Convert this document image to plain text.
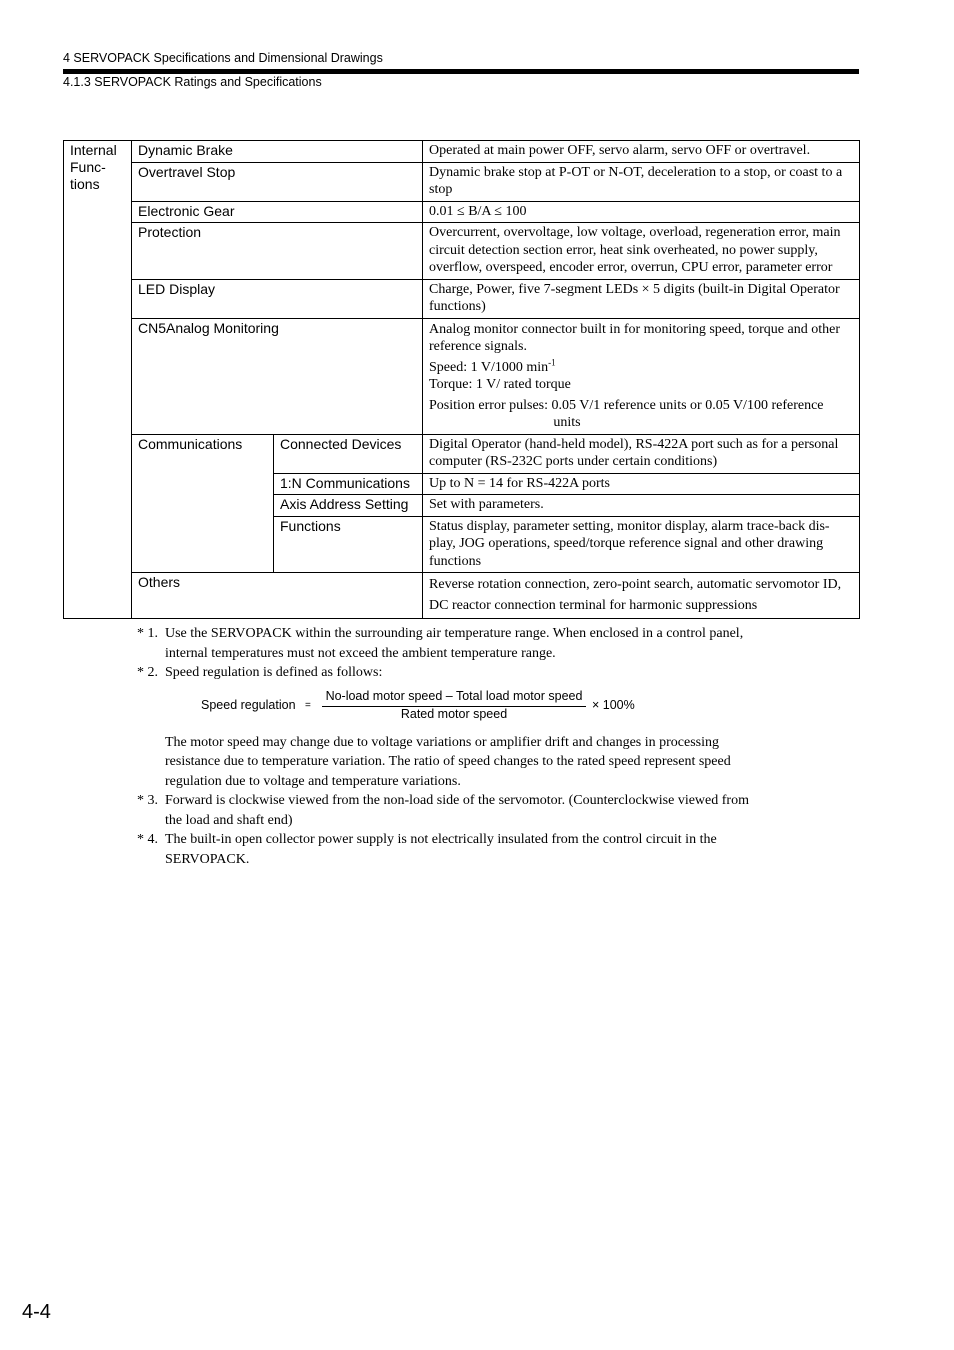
4 SERVOPACK Specifications and Dimensional Drawings
4.1.3 SERVOPACK Ratings and Specifications
Internal Func- tions	Dynamic Brake		Operated at main power OFF, servo alarm, servo OFF or overtravel.
	Overtravel Stop		Dynamic brake stop at P-OT or N-OT, deceleration to a stop, or coast to a stop
	Electronic Gear		0.01 ≤ B/A ≤ 100
	Protection		Overcurrent, overvoltage, low voltage, overload, regeneration error, main circuit detection section error, heat sink overheated, no power supply, overflow, overspeed, encoder error, overrun, CPU error, parameter error
	LED Display		Charge, Power, five 7-segment LEDs × 5 digits (built-in Digital Operator functions)
	CN5Analog Monitoring		Analog monitor connector built in for monitoring speed, torque and other reference signals.

Speed: 1 V/1000 $\min^{-1}$
Torque: 1 V/ rated torque

Position error pulses: 0.05 V/1 reference units or 0.05 V/100 reference

units

	Communications	Connected Devices	Digital Operator (hand-held model), RS-422A port such as for a personal computer (RS-232C ports under certain conditions)
		1:N Communications	Up to N = 14 for RS-422A ports
		Axis Address Setting	Set with parameters.
		Functions	Status display, parameter setting, monitor display, alarm trace-back dis- play, JOG operations, speed/torque reference signal and other drawing functions
	Others		Reverse rotation connection, zero-point search, automatic servomotor ID,

DC reactor connection terminal for harmonic suppressions

* 1. Use the SERVOPACK within the surrounding air temperature range. When enclosed in a control panel, internal temperatures must not exceed the ambient temperature range.
* 2. Speed regulation is defined as follows:
The motor speed may change due to voltage variations or amplifier drift and changes in processing resistance due to temperature variation. The ratio of speed changes to the rated speed represent speed regulation due to voltage and temperature variations.
* 3. Forward is clockwise viewed from the non-load side of the servomotor. (Counterclockwise viewed from the load and shaft end)
* 4. The built-in open collector power supply is not electrically insulated from the control circuit in the SERVOPACK.
Speed regulation =
No-load motor speed – Total load motor speed
Rated motor speed
× 100%
4-4
